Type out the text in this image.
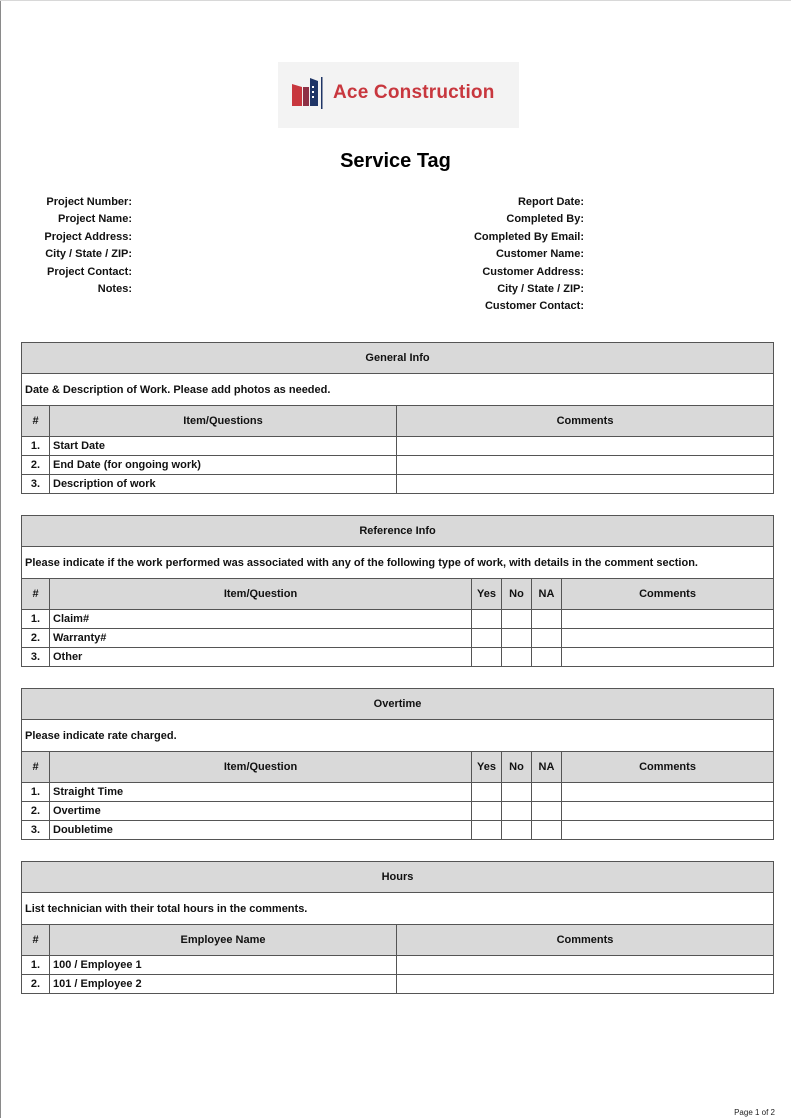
Ace Construction
Service Tag
Project Number:
Project Name:
Project Address:
City / State / ZIP:
Project Contact:
Notes:
Report Date:
Completed By:
Completed By Email:
Customer Name:
Customer Address:
City / State / ZIP:
Customer Contact:
General Info		
Date & Description of Work. Please add photos as needed.		
#	Item/Questions	Comments
1.	Start Date	
2.	End Date (for ongoing work)	
3.	Description of work	
Reference Info					
Please indicate if the work performed was associated with any of the following type of work, with details in the comment section.					
#	Item/Question	Yes	No	NA	Comments
1.	Claim#				
2.	Warranty#				
3.	Other				
Overtime					
Please indicate rate charged.					
#	Item/Question	Yes	No	NA	Comments
1.	Straight Time				
2.	Overtime				
3.	Doubletime				
Hours		
List technician with their total hours in the comments.		
#	Employee Name	Comments
1.	100 / Employee 1	
2.	101 / Employee 2	
Page 1 of 2
